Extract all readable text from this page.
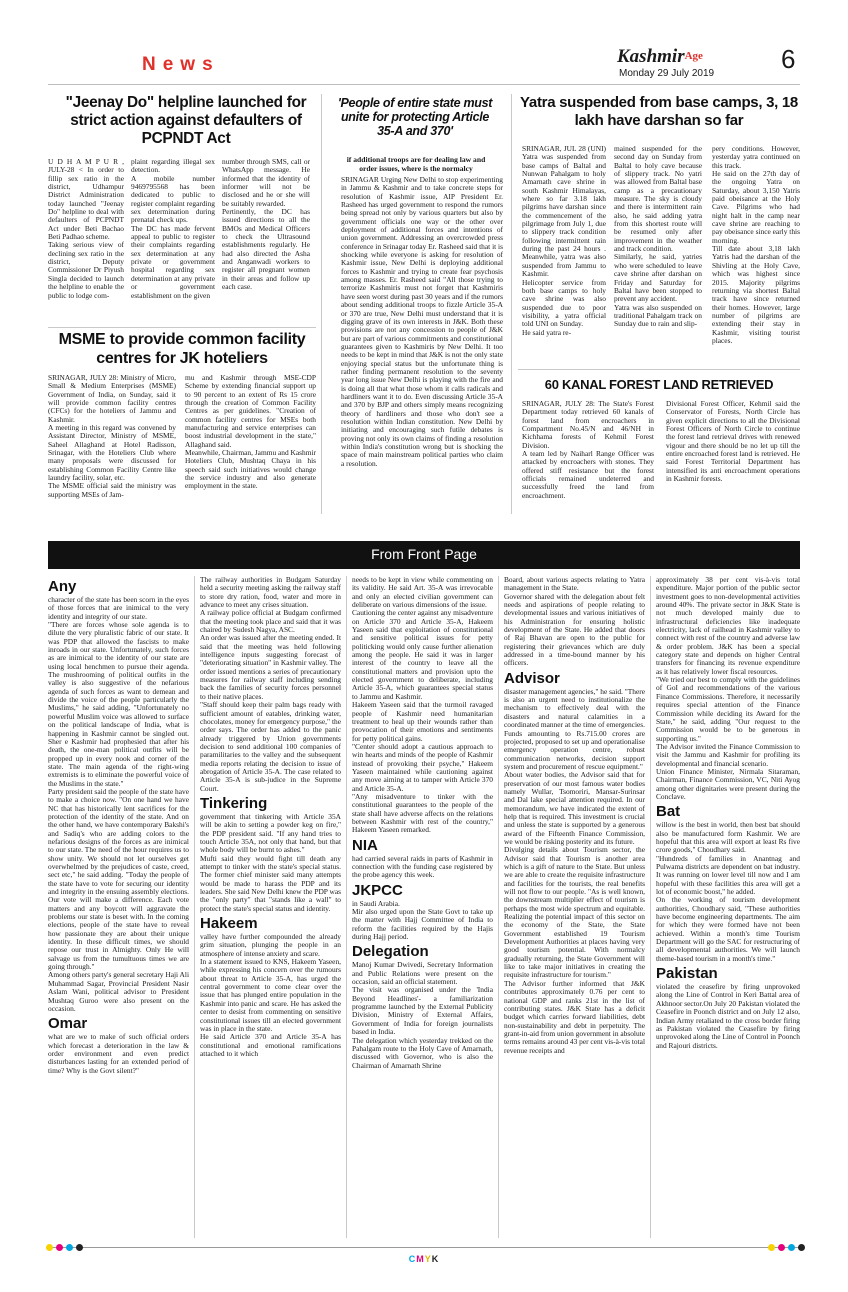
News	KashmirAge
Monday 29 July 2019	6
"Jeenay Do" helpline launched for strict action against defaulters of PCPNDT Act
U D H A M P U R , JULY-28 < In order to fillip sex ratio in the district, Udhampur District Administration today launched "Jeenay Do" helpline to deal with defaulters of PCPNDT Act under Beti Bachao Beti Padhao scheme.
Taking serious view of declining sex ratio in the district, Deputy Commissioner Dr Piyush Singla decided to launch the helpline to enable the public to lodge com-
plaint regarding illegal sex detection.
A mobile number 9469795568 has been dedicated to public to register complaint regarding sex determination during prenatal check ups.
The DC has made fervent appeal to public to register their complaints regarding sex determination at any private or government hospital regarding sex determination at any private or government establishment on the given
number through SMS, call or WhatsApp message. He informed that the identity of informer will not be disclosed and he or she will be suitably rewarded.
Pertinently, the DC has issued directions to all the BMOs and Medical Officers to check the Ultrasound establishments regularly. He had also directed the Asha and Anganwadi workers to register all pregnant women in their areas and follow up each case.
MSME to provide common facility centres for JK hoteliers
SRINAGAR, JULY 28: Ministry of Micro, Small & Medium Enterprises (MSME) Government of India, on Sunday, said it will provide common facility centres (CFCs) for the hoteliers of Jammu and Kashmir.
A meeting in this regard was convened by Assistant Director, Ministry of MSME, Saheel Allaghand at Hotel Radisson, Srinagar, with the Hoteliers Club where many proposals were discussed for establishing Common Facility Centre like laundry facility, solar, etc.
The MSME official said the ministry was supporting MSEs of Jam-
mu and Kashmir through MSE-CDP Scheme by extending financial support up to 90 percent to an extent of Rs 15 crore through the creation of Common Facility Centres as per guidelines. "Creation of common facility centres for MSEs both manufacturing and service enterprises can boost industrial development in the state," Allaghand said.
Meanwhile, Chairman, Jammu and Kashmir Hoteliers Club, Mushtaq Chaya in his speech said such initiatives would change the service industry and also generate employment in the state.
'People of entire state must unite for protecting Article 35-A and 370'
if additional troops are for dealing law and order issues, where is the normalcy
SRINAGAR Urging New Delhi to stop experimenting in Jammu & Kashmir and to take concrete steps for resolution of Kashmir issue, AIP President Er. Rasheed has urged government to respond the rumors being spread not only by various quarters but also by government officials one way or the other over deployment of additional forces and intentions of union government. Addressing an overcrowded press conference in Srinagar today Er. Rasheed said that it is shocking while everyone is asking for resolution of Kashmir issue, New Delhi is deploying additional forces to Kashmir and trying to create fear psychosis among masses. Er. Rasheed said "All those trying to terrorize Kashmiris must not forget that Kashmiris have seen worst during past 30 years and if the rumors about sending additional troops to fizzle Article 35-A or 370 are true, New Delhi must understand that it is digging grave of its own interests in J&K. Both these provisions are not any concession to people of J&K but are part of various commitments and constitutional guarantees given to Kashmiris by New Delhi. It too needs to be kept in mind that J&K is not the only state enjoying special status but the unfortunate thing is rather finding permanent resolution to the seventy year long issue New Delhi is playing with the fire and is doing all that what those whom it calls radicals and hardliners want it to do. Even discussing Article 35-A and 370 by BJP and others simply means recognizing theory of hardliners and those who don't see a resolution within Indian constitution. New Delhi by initiating and encouraging such futile debates is proving not only its own claims of finding a resolution within India's constitution wrong but is shocking the space of main mainstream political parties who claim a resolution.
Yatra suspended from base camps, 3, 18 lakh have darshan so far
SRINAGAR, JUL 28 (UNI) Yatra was suspended from base camps of Baltal and Nunwan Pahalgam to holy Amarnath cave shrine in south Kashmir Himalayas, where so far 3.18 lakh pilgrims have darshan since the commencement of the pilgrimage from July 1, due to slippery track condition following intermittent rain during the past 24 hours . Meanwhile, yatra was also suspended from Jammu to Kashmir.
Helicopter service from both base camps to holy cave shrine was also suspended due to poor visibility, a yatra official told UNI on Sunday.
He said yatra re-
mained suspended for the second day on Sunday from Baltal to holy cave because of slippery track. No yatri was allowed from Baltal base camp as a precautionary measure. The sky is cloudy and there is intermittent rain also, he said adding yatra from this shortest route will be resumed only after improvement in the weather and track condition.
Similarly, he said, yatries who were scheduled to leave cave shrine after darshan on Friday and Saturday for Baltal have been stopped to prevent any accident.
Yatra was also suspended on traditional Pahalgam track on Sunday due to rain and slip-
pery conditions. However, yesterday yatra continued on this track.
He said on the 27th day of the ongoing Yatra on Saturday, about 3,150 Yatris paid obeisance at the Holy Cave. Pilgrims who had night halt in the camp near cave shrine are reaching to pay obeisance since early this morning.
Till date about 3,18 lakh Yatris had the darshan of the Shivling at the Holy Cave, which was highest since 2015. Majority pilgrims returning via shortest Baltal track have since returned their homes. However, large number of pilgrims are extending their stay in Kashmir, visiting tourist places.
60 KANAL FOREST LAND RETRIEVED
SRINAGAR, JULY 28: The State's Forest Department today retrieved 60 kanals of forest land from encroachers in Compartment No.45/N and 46/NH in Kichhama forests of Kehmil Forest Division.
A team led by Naiharl Range Officer was attacked by encroachers with stones. They offered stiff resistance but the forest officials remained undeterred and successfully freed the land from encroachment.
Divisional Forest Officer, Kehmil said the Conservator of Forests, North Circle has given explicit directions to all the Divisional Forest Officers of North Circle to continue the forest land retrieval drives with renewed vigour and there should be no let up till the entire encroached forest land is retrieved. He said Forest Territorial Department has intensified its anti encroachment operations in Kashmir forests.
From Front Page
Any
character of the state has been scorn in the eyes of those forces that are inimical to the very identity and integrity of our state.
"There are forces whose sole agenda is to dilute the very pluralistic fabric of our state. It was PDP that allowed the fascists to make inroads in our state. Unfortunately, such forces as are inimical to the identity of our state are using local henchmen to pursue their agenda. The mushrooming of political outfits in the valley is also suggestive of the nefarious agenda of such forces as want to demean and divide the voice of the people particularly the Muslims," he said adding, "Unfortunately no powerful Muslim voice was allowed to surface on the political landscape of India, what is happening in Kashmir cannot be singled out. Sher e Kashmir had prophesied that after his death, the one-man political outfits will be propped up in every nook and corner of the state. The main agenda of the right-wing extremists is to eliminate the powerful voice of the Muslims in the state."
Party president said the people of the state have to make a choice now. "On one hand we have NC that has historically lent sacrifices for the protection of the identity of the state. And on the other hand, we have contemporary Bakshi's and Sadiq's who are adding colors to the nefarious designs of the forces as are inimical to our state. The need of the hour requires us to show unity. We should not let ourselves get overwhelmed by the prejudices of caste, creed, sect etc," he said adding. "Today the people of the state have to vote for securing our identity and integrity in the ensuing assembly elections. Our vote will make a difference. Each vote matters and any boycott will aggravate the problems our state is beset with. In the coming elections, people of the state have to reveal how passionate they are about their unique identity. In these difficult times, we should repose our trust in Almighty. Only He will salvage us from the tumultuous times we are going through."
Among others party's general secretary Haji Ali Muhammad Sagar, Provincial President Nasir Aslam Wani, political advisor to President Mushtaq Guroo were also present on the occasion.
Omar
what are we to make of such official orders which forecast a deterioration in the law & order environment and even predict disturbances lasting for an extended period of time? Why is the Govt silent?"
The railway authorities in Budgam Saturday held a security meeting asking the railway staff to store dry ration, food, water and more in advance to meet any crises situation.
A railway police official at Budgam confirmed that the meeting took place and said that it was chaired by Sudesh Nagya, ASC.
An order was issued after the meeting ended. It said that the meeting was held following intelligence inputs suggesting forecast of "deteriorating situation" in Kashmir valley. The order issued mentions a series of precautionary measures for railway staff including sending back the families of security forces personnel to their native places.
"Staff should keep their palm bags ready with sufficient amount of eatables, drinking water, chocolates, money for emergency purpose," the order says. The order has added to the panic already triggered by Union governments decision to send additional 100 companies of paramilitaries to the valley and the subsequent media reports relating the decision to issue of abrogation of Article 35-A. The case related to Article 35-A is sub-judice in the Supreme Court.
Tinkering
government that tinkering with Article 35A will be akin to setting a powder keg on fire," the PDP president said. "If any hand tries to touch Article 35A, not only that hand, but that whole body will be burnt to ashes."
Mufti said they would fight till death any attempt to tinker with the state's special status. The former chief minister said many attempts would be made to harass the PDP and its leaders. She said New Delhi knew the PDP was the "only party" that "stands like a wall" to protect the state's special status and identity.
Hakeem
valley have further compounded the already grim situation, plunging the people in an atmosphere of intense anxiety and scare.
In a statement issued to KNS, Hakeem Yaseen, while expressing his concern over the rumours about threat to Article 35-A, has urged the central government to come clear over the issue that has plunged entire population in the Kashmir into panic and scare. He has asked the center to desist from commenting on sensitive constitutional issues till an elected government was in place in the state.
He said Article 370 and Article 35-A has constitutional and emotional ramifications attached to it which
needs to be kept in view while commenting on its validity. He said Art. 35-A was irrevocable and only an elected civilian government can deliberate on various dimensions of the issue.
Cautioning the center against any misadventure on Article 370 and Article 35-A, Hakeem Yaseen said that exploitation of constitutional and sensitive political issues for petty politicking would only cause further alienation among the people. He said it was in larger interest of the country to leave all the constitutional matters and provision upto the elected government to deliberate, including Article 35-A, which guarantees special status to Jammu and Kashmir.
Hakeem Yaseen said that the turmoil ravaged people of Kashmir need humanitarian treatment to heal up their wounds rather than provocation of their emotions and sentiments for petty political gains.
"Center should adopt a cautious approach to win hearts and minds of the people of Kashmir instead of provoking their psyche," Hakeem Yaseen maintained while cautioning against any move aiming at to tamper with Article 370 and Article 35-A.
"Any misadventure to tinker with the constitutional guarantees to the people of the state shall have adverse affects on the relations between Kashmir with rest of the country," Hakeem Yaseen remarked.
NIA
had carried several raids in parts of Kashmir in connection with the funding case registered by the probe agency this week.
JKPCC
in Saudi Arabia.
Mir also urged upon the State Govt to take up the matter with Hajj Committee of India to reform the facilities required by the Hajis during Hajj period.
Delegation
Manoj Kumar Dwivedi, Secretary Information and Public Relations were present on the occasion, said an official statement.
The visit was organised under the 'India Beyond Headlines'- a familiarization programme launched by the External Publicity Division, Ministry of External Affairs, Government of India for foreign journalists based in India.
The delegation which yesterday trekked on the Pahalgam route to the Holy Cave of Amarnath, discussed with Governor, who is also the Chairman of Amarnath Shrine
Board, about various aspects relating to Yatra management in the State.
Governor shared with the delegation about felt needs and aspirations of people relating to developmental issues and various initiatives of his Administration for ensuring holistic development of the State. He added that doors of Raj Bhavan are open to the public for registering their grievances which are duly addressed in a time-bound manner by his officers.
Advisor
disaster management agencies," he said. "There is also an urgent need to institutionalize the mechanism to effectively deal with the disasters and natural calamities in a coordinated manner at the time of emergencies. Funds amounting to Rs.715.00 crores are projected, proposed to set up and operationalise emergency operation centre, robust communication networks, decision support system and procurement of rescue equipment."
About water bodies, the Advisor said that for preservation of our most famous water bodies namely Wullar, Tsomoriri, Mansar-Surinsar and Dal lake special attention required. In our memorandum, we have indicated the extent of help that is required. This investment is crucial and unless the state is supported by a generous award of the Fifteenth Finance Commission, we would be risking posterity and its future.
Divulging details about Tourism sector, the Advisor said that Tourism is another area which is a gift of nature to the State. But unless we are able to create the requisite infrastructure and facilities for the tourists, the real benefits will not flow to our people. "As is well known, the downstream multiplier effect of tourism is perhaps the most wide spectrum and equitable. Realizing the potential impact of this sector on the economy of the State, the State Government established 19 Tourism Development Authorities at places having very good tourism potential. With normalcy gradually returning, the State Government will like to take major initiatives in creating the requisite infrastructure for tourism."
The Advisor further informed that J&K contributes approximately 0.76 per cent to national GDP and ranks 21st in the list of contributing states. J&K State has a deficit budget which carries forward liabilities, debt non-sustainability and debt in perpetuity. The grant-in-aid from union government in absolute terms remains around 43 per cent vis-à-vis total revenue receipts and
approximately 38 per cent vis-à-vis total expenditure. Major portion of the public sector investment goes to non-developmental activities around 40%. The private sector in J&K State is not much developed mainly due to infrastructural deficiencies like inadequate electricity, lack of railhead in Kashmir valley to connect with rest of the country and adverse law & order problem. J&K has been a special category state and depends on higher Central transfers for financing its revenue expenditure as it has relatively lower fiscal resources.
"We tried our best to comply with the guidelines of GoI and recommendations of the various Finance Commissions. Therefore, it necessarily requires special attention of the Finance Commission while deciding its Award for the State," he said, adding "Our request to the Commission would be to be generous in supporting us."
The Advisor invited the Finance Commission to visit the Jammu and Kashmir for profiling its developmental and financial scenario.
Union Finance Minister, Nirmala Sitaraman, Chairman, Finance Commission, VC, Niti Ayog among other dignitaries were present during the Conclave.
Bat
willow is the best in world, then best bat should also be manufactured form Kashmir. We are hopeful that this area will export at least Rs five crore goods," Choudhary said.
"Hundreds of families in Anantnag and Pulwama districts are dependent on bat industry. It was running on lower level till now and I am hopeful with these facilities this area will get a lot of economic boost," he added.
On the working of tourism development authorities, Choudhary said, "These authorities have become engineering departments. The aim for which they were formed have not been achieved. Within a month's time Tourism Department will go the SAC for restructuring of all developmental authorities. We will launch theme-based tourism in a month's time."
Pakistan
violated the ceasefire by firing unprovoked along the Line of Control in Keri Battal area of Akhnoor sector.On July 20 Pakistan violated the Ceasefire in Poonch district and on July 12 also, Indian Army retaliated to the cross border firing as Pakistan violated the Ceasefire by firing unprovoked along the Line of Control in Poonch and Rajouri districts.
CMYK
